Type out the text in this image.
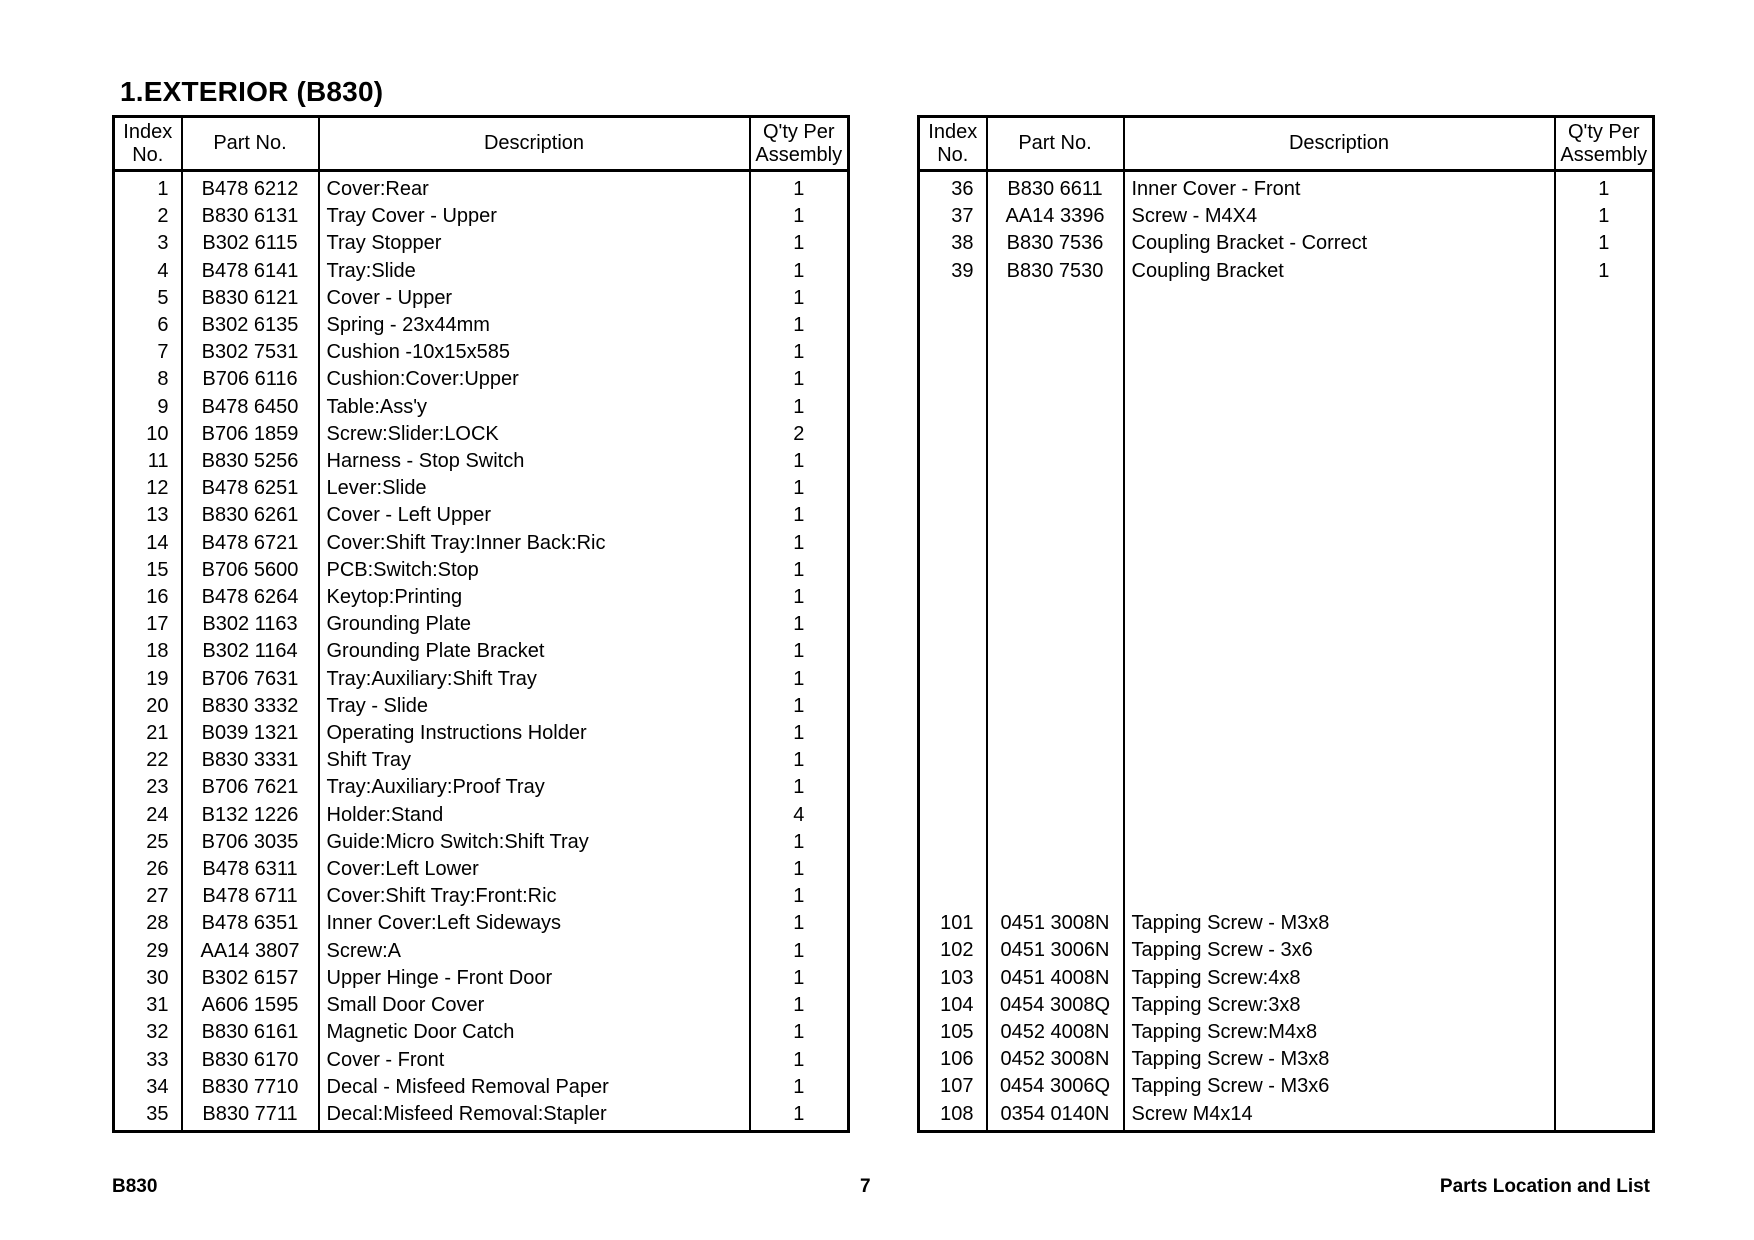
1.EXTERIOR (B830)
Index
No.	Part No.	Description	Q'ty Per
Assembly
1	B478 6212	Cover:Rear	1
2	B830 6131	Tray Cover - Upper	1
3	B302 6115	Tray Stopper	1
4	B478 6141	Tray:Slide	1
5	B830 6121	Cover - Upper	1
6	B302 6135	Spring - 23x44mm	1
7	B302 7531	Cushion -10x15x585	1
8	B706 6116	Cushion:Cover:Upper	1
9	B478 6450	Table:Ass'y	1
10	B706 1859	Screw:Slider:LOCK	2
11	B830 5256	Harness - Stop Switch	1
12	B478 6251	Lever:Slide	1
13	B830 6261	Cover - Left Upper	1
14	B478 6721	Cover:Shift Tray:Inner Back:Ric	1
15	B706 5600	PCB:Switch:Stop	1
16	B478 6264	Keytop:Printing	1
17	B302 1163	Grounding Plate	1
18	B302 1164	Grounding Plate Bracket	1
19	B706 7631	Tray:Auxiliary:Shift Tray	1
20	B830 3332	Tray - Slide	1
21	B039 1321	Operating Instructions Holder	1
22	B830 3331	Shift Tray	1
23	B706 7621	Tray:Auxiliary:Proof Tray	1
24	B132 1226	Holder:Stand	4
25	B706 3035	Guide:Micro Switch:Shift Tray	1
26	B478 6311	Cover:Left Lower	1
27	B478 6711	Cover:Shift Tray:Front:Ric	1
28	B478 6351	Inner Cover:Left Sideways	1
29	AA14 3807	Screw:A	1
30	B302 6157	Upper Hinge - Front Door	1
31	A606 1595	Small Door Cover	1
32	B830 6161	Magnetic Door Catch	1
33	B830 6170	Cover - Front	1
34	B830 7710	Decal - Misfeed Removal Paper	1
35	B830 7711	Decal:Misfeed Removal:Stapler	1
Index
No.	Part No.	Description	Q'ty Per
Assembly
36	B830 6611	Inner Cover - Front	1
37	AA14 3396	Screw - M4X4	1
38	B830 7536	Coupling Bracket - Correct	1
39	B830 7530	Coupling Bracket	1

101	0451 3008N	Tapping Screw - M3x8	
102	0451 3006N	Tapping Screw - 3x6	
103	0451 4008N	Tapping Screw:4x8	
104	0454 3008Q	Tapping Screw:3x8	
105	0452 4008N	Tapping Screw:M4x8	
106	0452 3008N	Tapping Screw - M3x8	
107	0454 3006Q	Tapping Screw - M3x6	
108	0354 0140N	Screw M4x14	
B830	7	Parts Location and List
